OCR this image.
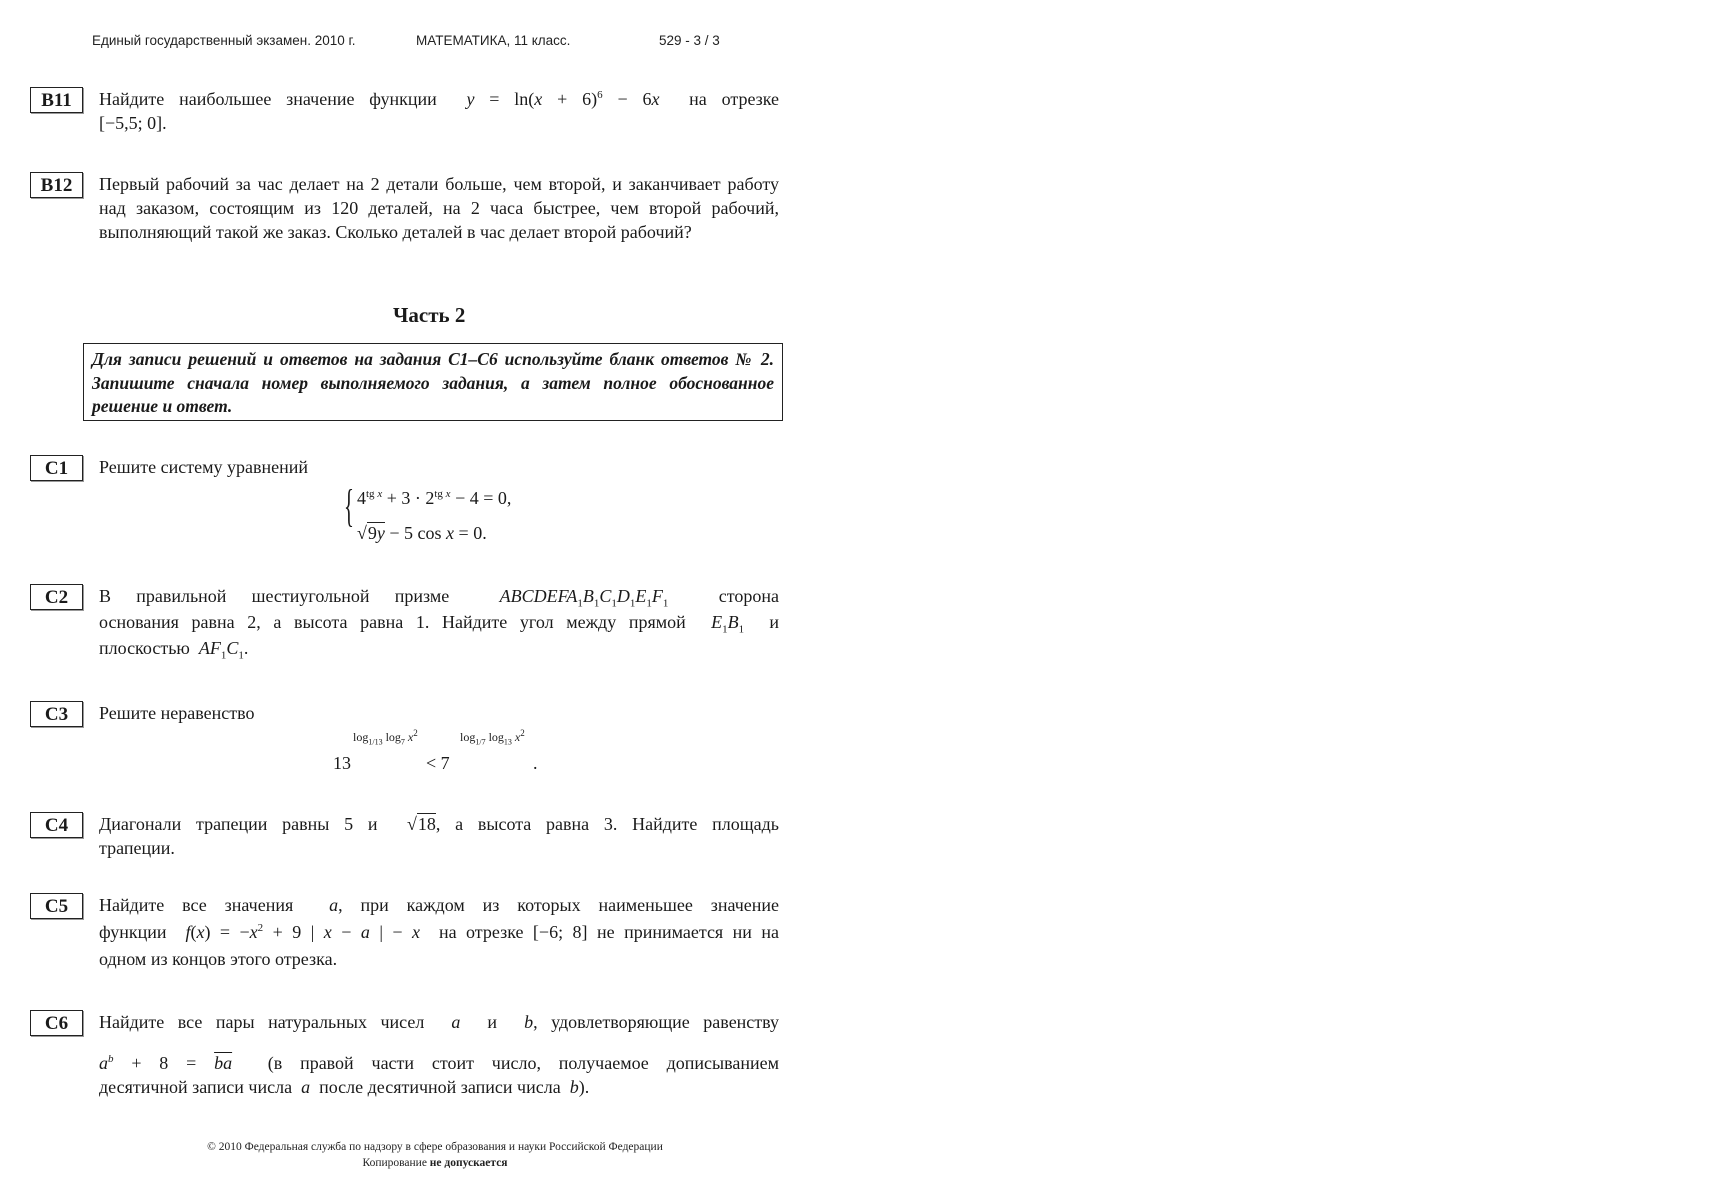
Единый государственный экзамен. 2010 г.	МАТЕМАТИКА, 11 класс.	529 - 3 / 3
B11	Найдите наибольшее значение функции $y = \ln(x + 6)^6 - 6x$ на отрезке
[−5,5; 0].
B12	Первый рабочий за час делает на 2 детали больше, чем второй, и заканчивает работу над заказом, состоящим из 120 деталей, на 2 часа быстрее, чем второй рабочий, выполняющий такой же заказ. Сколько деталей в час делает второй рабочий?
Часть 2
Для записи решений и ответов на задания С1–С6 используйте бланк ответов № 2. Запишите сначала номер выполняемого задания, а затем полное обоснованное решение и ответ.
C1	Решите систему уравнений
{ $4^{tg x} + 3 \cdot 2^{tg x} - 4 = 0$,
√9y − 5 cos x = 0.
C2	В правильной шестиугольной призме	$ABCDEFA_1B_1C_1D_1E_1F_1$	сторона
основания равна 2, а высота равна 1. Найдите угол между прямой $E_1B_1$ и
плоскостью $AF_1C_1$.
C3	Решите неравенство
13
$\log_{1/13} \log_7 x^2$
< 7
$\log_{1/7} \log_{13} x^2$
.
C4	Диагонали трапеции равны 5 и  √18, а высота равна 3. Найдите площадь
трапеции.
C5	Найдите все значения a, при каждом из которых наименьшее значение
функции $f(x) = -x^2 + 9$ | x − a | − x на отрезке [−6; 8] не принимается ни на
одном из концов этого отрезка.
C6	Найдите все пары натуральных чисел a и b, удовлетворяющие равенству
$a^b + 8 = \overline{ba}$ (в правой части стоит число, получаемое дописыванием
десятичной записи числа a после десятичной записи числа b).
© 2010 Федеральная служба по надзору в сфере образования и науки Российской Федерации
Копирование не допускается
